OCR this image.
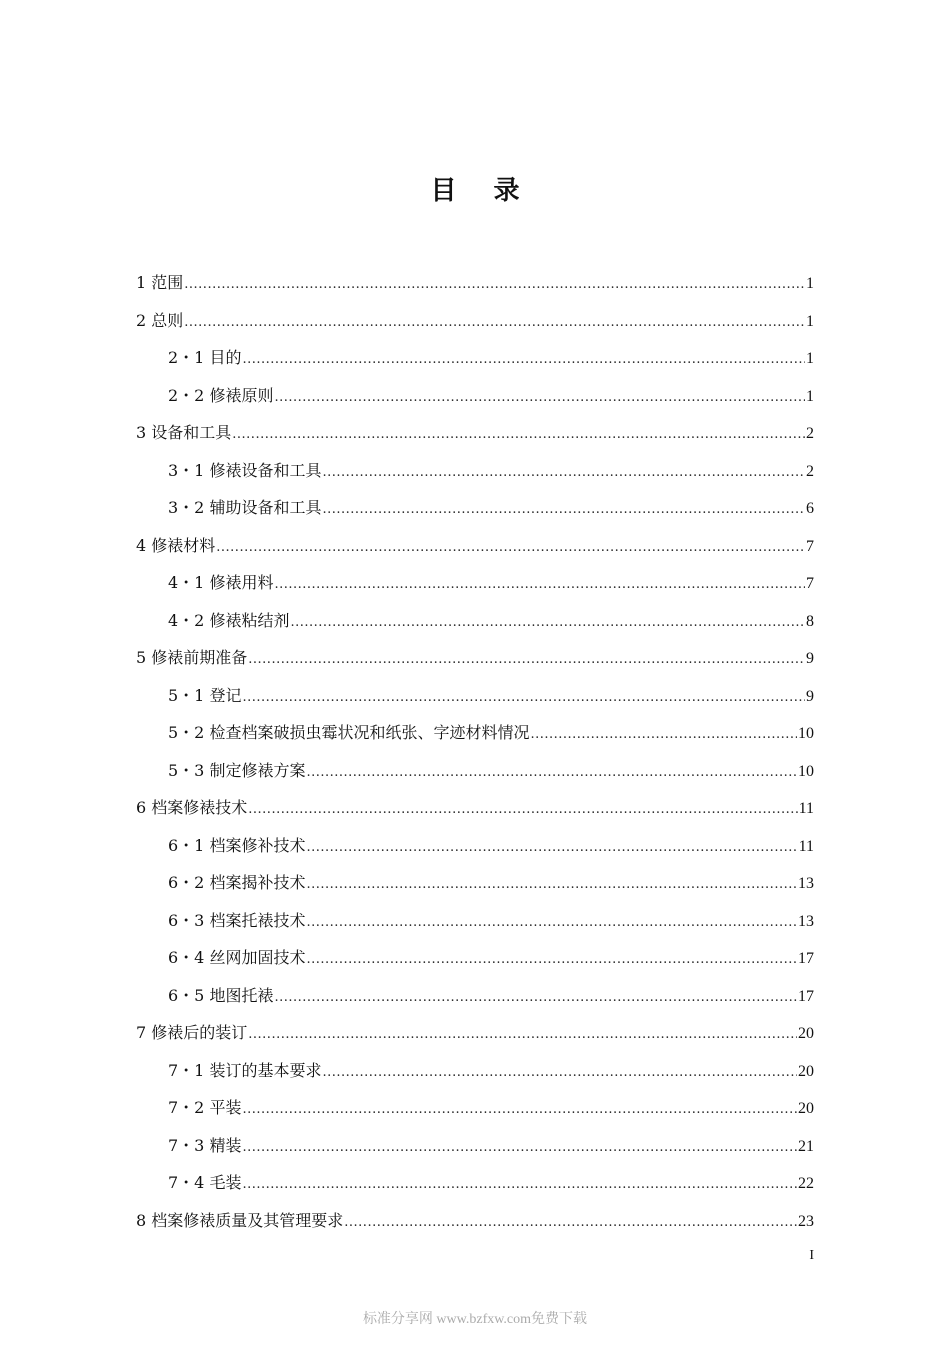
目 录
1 范围 .....	1
2 总则 .....	1
2・1 目的 .....	1
2・2 修裱原则 .....	1
3 设备和工具 .....	2
3・1 修裱设备和工具 .....	2
3・2 辅助设备和工具 .....	6
4 修裱材料 .....	7
4・1 修裱用料 .....	7
4・2 修裱粘结剂 .....	8
5 修裱前期准备 .....	9
5・1 登记 .....	9
5・2 检查档案破损虫霉状况和纸张、字迹材料情况 .....	10
5・3 制定修裱方案 .....	10
6 档案修裱技术 .....	11
6・1 档案修补技术 .....	11
6・2 档案揭补技术 .....	13
6・3 档案托裱技术 .....	13
6・4 丝网加固技术 .....	17
6・5 地图托裱 .....	17
7 修裱后的装订 .....	20
7・1 装订的基本要求 .....	20
7・2 平装 .....	20
7・3 精装 .....	21
7・4 毛装 .....	22
8 档案修裱质量及其管理要求 .....	23
I
标准分享网 www.bzfxw.com免费下载
